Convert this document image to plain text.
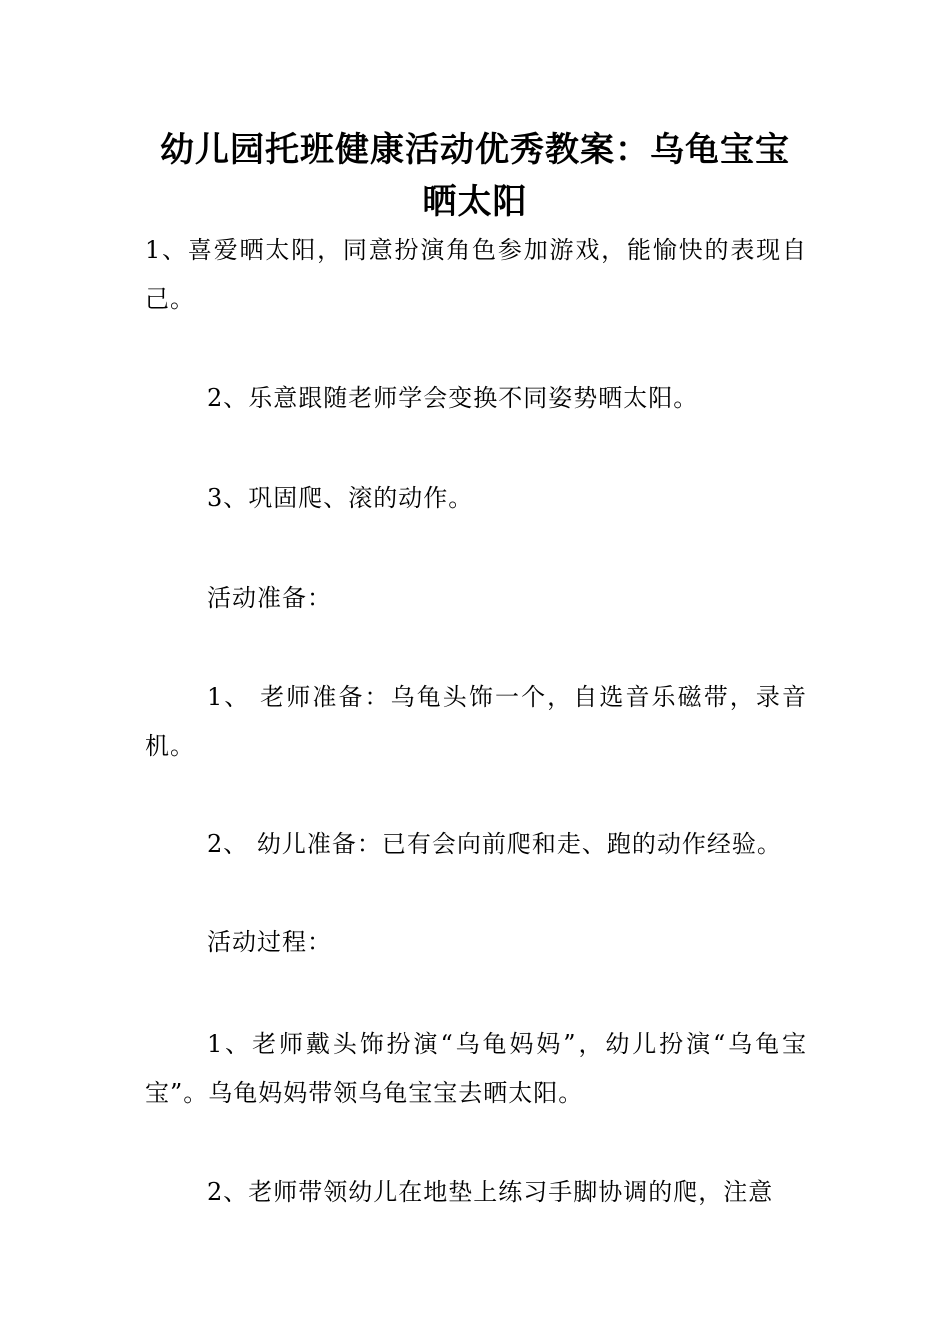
幼儿园托班健康活动优秀教案：乌龟宝宝晒太阳

1、喜爱晒太阳，同意扮演角色参加游戏，能愉快的表现自己。

2、乐意跟随老师学会变换不同姿势晒太阳。

3、巩固爬、滚的动作。

活动准备：

1、 老师准备：乌龟头饰一个，自选音乐磁带，录音机。

2、 幼儿准备：已有会向前爬和走、跑的动作经验。

活动过程：

1、老师戴头饰扮演“乌龟妈妈”，幼儿扮演“乌龟宝宝”。乌龟妈妈带领乌龟宝宝去晒太阳。

2、老师带领幼儿在地垫上练习手脚协调的爬，注意
